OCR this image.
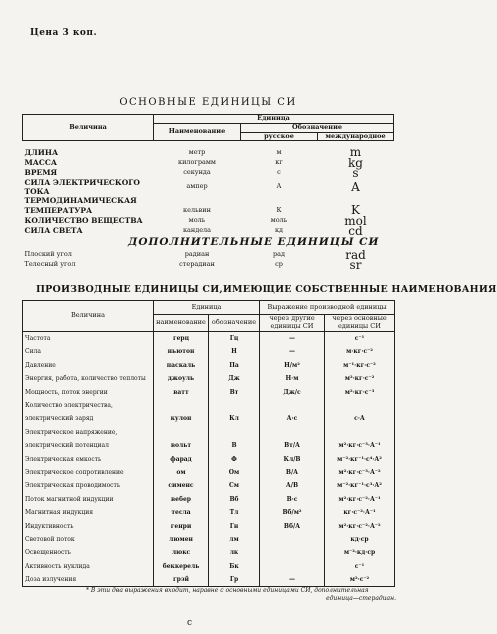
Цена 3 коп.
ОСНОВНЫЕ ЕДИНИЦЫ СИ
Величина	Единица		
	Наименование	Обозначение	
		русское	международное

ДЛИНА	метр	м	m
МАССА	килограмм	кг	kg
ВРЕМЯ	секунда	с	s
СИЛА ЭЛЕКТРИЧЕСКОГО ТОКА	ампер	А	A
ТЕРМОДИНАМИЧЕСКАЯ			
ТЕМПЕРАТУРА	кельвин	К	K
КОЛИЧЕСТВО ВЕЩЕСТВА	моль	моль	mol
СИЛА СВЕТА	кандела	кд	cd

Плоский угол	радиан	рад	rad
Телесный угол	стерадиан	ср	sr
ДОПОЛНИТЕЛЬНЫЕ ЕДИНИЦЫ СИ
ПРОИЗВОДНЫЕ ЕДИНИЦЫ СИ,ИМЕЮЩИЕ СОБСТВЕННЫЕ НАИМЕНОВАНИЯ
Величина	Единица		Выражение производной единицы	
	наименование	обозначение	через другие единицы СИ	через основные единицы СИ
Частота	герц	Гц	—	с⁻¹
Сила	ньютон	Н	—	м·кг·с⁻²
Давление	паскаль	Па	Н/м²	м⁻¹·кг·с⁻²
Энергия, работа, количество теплоты	джоуль	Дж	Н·м	м²·кг·с⁻²
Мощность, поток энергии	ватт	Вт	Дж/с	м²·кг·с⁻³
Количество электричества,				
электрический заряд	кулон	Кл	А·с	с·А
Электрическое напряжение,				
электрический потенциал	вольт	В	Вт/А	м²·кг·с⁻³·А⁻¹
Электрическая емкость	фарад	Ф	Кл/В	м⁻²·кг⁻¹·с⁴·А²
Электрическое сопротивление	ом	Ом	В/А	м²·кг·с⁻³·А⁻²
Электрическая проводимость	сименс	См	А/В	м⁻²·кг⁻¹·с³·А²
Поток магнитной индукции	вебер	Вб	В·с	м²·кг·с⁻²·А⁻¹
Магнитная индукция	тесла	Тл	Вб/м²	кг·с⁻²·А⁻¹
Индуктивность	генри	Гн	Вб/А	м²·кг·с⁻²·А⁻²
Световой поток	люмен	лм		кд·ср
Освещенность	люкс	лк		м⁻²·кд·ср
Активность нуклида	беккерель	Бк		с⁻¹
Доза излучения	грэй	Гр	—	м²·с⁻²
* В эти два выражения входит, наравне с основными единицами СИ, дополнительная
единица—стерадиан.
с
